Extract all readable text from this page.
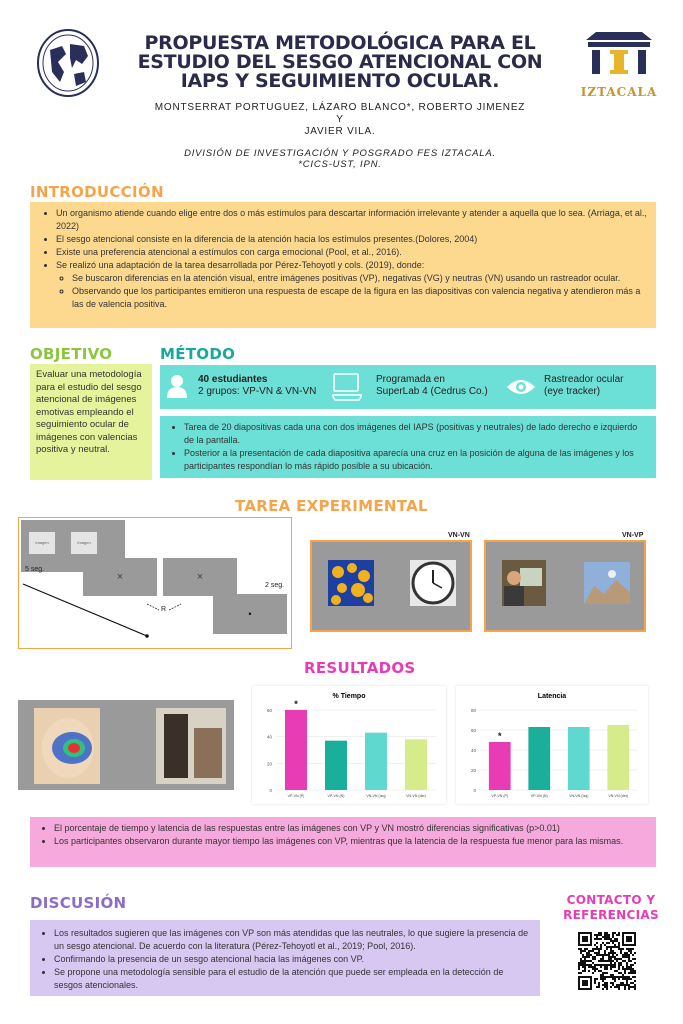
PROPUESTA METODOLÓGICA PARA EL
ESTUDIO DEL SESGO ATENCIONAL CON
IAPS Y SEGUIMIENTO OCULAR.	IZTACALA
MONTSERRAT PORTUGUEZ, LÁZARO BLANCO*, ROBERTO JIMENEZ
Y
JAVIER VILA.
DIVISIÓN DE INVESTIGACIÓN Y POSGRADO FES IZTACALA.
*CICS-UST, IPN.
INTRODUCCIÓN
• Un organismo atiende cuando elige entre dos o más estímulos para descartar información irrelevante y atender a aquella que lo sea. (Arriaga, et al., 2022)
• El sesgo atencional consiste en la diferencia de la atención hacia los estímulos presentes.(Dolores, 2004)
• Existe una preferencia atencional a estímulos con carga emocional (Pool, et al., 2016).
• Se realizó una adaptación de la tarea desarrollada por Pérez-Tehoyotl y cols. (2019), donde:
◦ Se buscaron diferencias en la atención visual, entre imágenes positivas (VP), negativas (VG) y neutras (VN) usando un rastreador ocular.
◦ Observando que los participantes emitieron una respuesta de escape de la figura en las diapositivas con valencia negativa y atendieron más a las de valencia positiva.
OBJETIVO
Evaluar una metodología para el estudio del sesgo atencional de imágenes emotivas empleando el seguimiento ocular de imágenes con valencias positiva y neutral.
MÉTODO
40 estudiantes
2 grupos: VP-VN & VN-VN
Programada en
SuperLab 4 (Cedrus Co.)
Rastreador ocular
(eye tracker)
• Tarea de 20 diapositivas cada una con dos imágenes del IAPS (positivas y neutrales) de lado derecho e izquierdo de la pantalla.
• Posterior a la presentación de cada diapositiva aparecía una cruz en la posición de alguna de las imágenes y los participantes respondían lo más rápido posible a su ubicación.
TAREA EXPERIMENTAL
Imagen	Imagen
5 seg.
×	×
2 seg.
•
R
VN-VN	VN-VP
RESULTADOS
% Tiempo
0
20
40
60
VP-VN (P)
*
VP-VN (N)	VN-VN (Izq)	VN-VN (der)
Latencia
0
20
40
60
80
VP-VN (P)
*
VP-VN (N)	VN-VN (Izq)	VN-VN (der)
• El porcentaje de tiempo y latencia de las respuestas entre las imágenes con VP y VN mostró diferencias significativas (p>0.01)
• Los participantes observaron durante mayor tiempo las imágenes con VP, mientras que la latencia de la respuesta fue menor para las mismas.
DISCUSIÓN
• Los resultados sugieren que las imágenes con VP son más atendidas que las neutrales, lo que sugiere la presencia de un sesgo atencional. De acuerdo con la literatura (Pérez-Tehoyotl et al., 2019; Pool, 2016).
• Confirmando la presencia de un sesgo atencional hacia las imágenes con VP.
• Se propone una metodología sensible para el estudio de la atención que puede ser empleada en la detección de sesgos atencionales.
CONTACTO Y
REFERENCIAS
